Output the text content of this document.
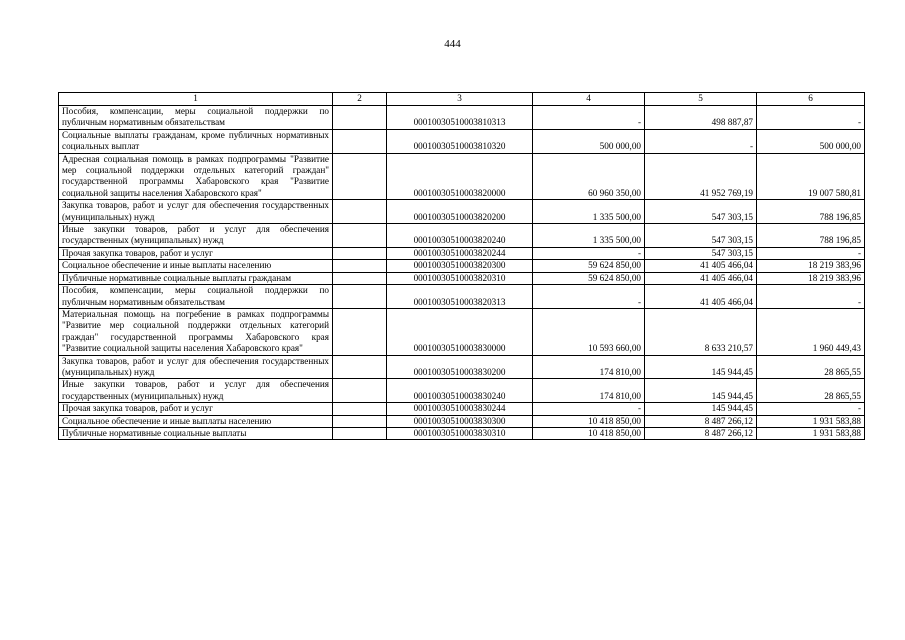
444
1	2	3	4	5	6
Пособия, компенсации, меры социальной поддержки по публичным нормативным обязательствам		00010030510003810313	-	498 887,87	-
Социальные выплаты гражданам, кроме публичных нормативных социальных выплат		00010030510003810320	500 000,00	-	500 000,00
Адресная социальная помощь в рамках подпрограммы "Развитие мер социальной поддержки отдельных категорий граждан" государственной программы Хабаровского края "Развитие социальной защиты населения Хабаровского края"		00010030510003820000	60 960 350,00	41 952 769,19	19 007 580,81
Закупка товаров, работ и услуг для обеспечения государственных (муниципальных) нужд		00010030510003820200	1 335 500,00	547 303,15	788 196,85
Иные закупки товаров, работ и услуг для обеспечения государственных (муниципальных) нужд		00010030510003820240	1 335 500,00	547 303,15	788 196,85
Прочая закупка товаров, работ и услуг		00010030510003820244	-	547 303,15	-
Социальное обеспечение и иные выплаты населению		00010030510003820300	59 624 850,00	41 405 466,04	18 219 383,96
Публичные нормативные социальные выплаты гражданам		00010030510003820310	59 624 850,00	41 405 466,04	18 219 383,96
Пособия, компенсации, меры социальной поддержки по публичным нормативным обязательствам		00010030510003820313	-	41 405 466,04	-
Материальная помощь на погребение в рамках подпрограммы "Развитие мер социальной поддержки отдельных категорий граждан" государственной программы Хабаровского края "Развитие социальной защиты населения Хабаровского края"		00010030510003830000	10 593 660,00	8 633 210,57	1 960 449,43
Закупка товаров, работ и услуг для обеспечения государственных (муниципальных) нужд		00010030510003830200	174 810,00	145 944,45	28 865,55
Иные закупки товаров, работ и услуг для обеспечения государственных (муниципальных) нужд		00010030510003830240	174 810,00	145 944,45	28 865,55
Прочая закупка товаров, работ и услуг		00010030510003830244	-	145 944,45	-
Социальное обеспечение и иные выплаты населению		00010030510003830300	10 418 850,00	8 487 266,12	1 931 583,88
Публичные нормативные социальные выплаты		00010030510003830310	10 418 850,00	8 487 266,12	1 931 583,88
